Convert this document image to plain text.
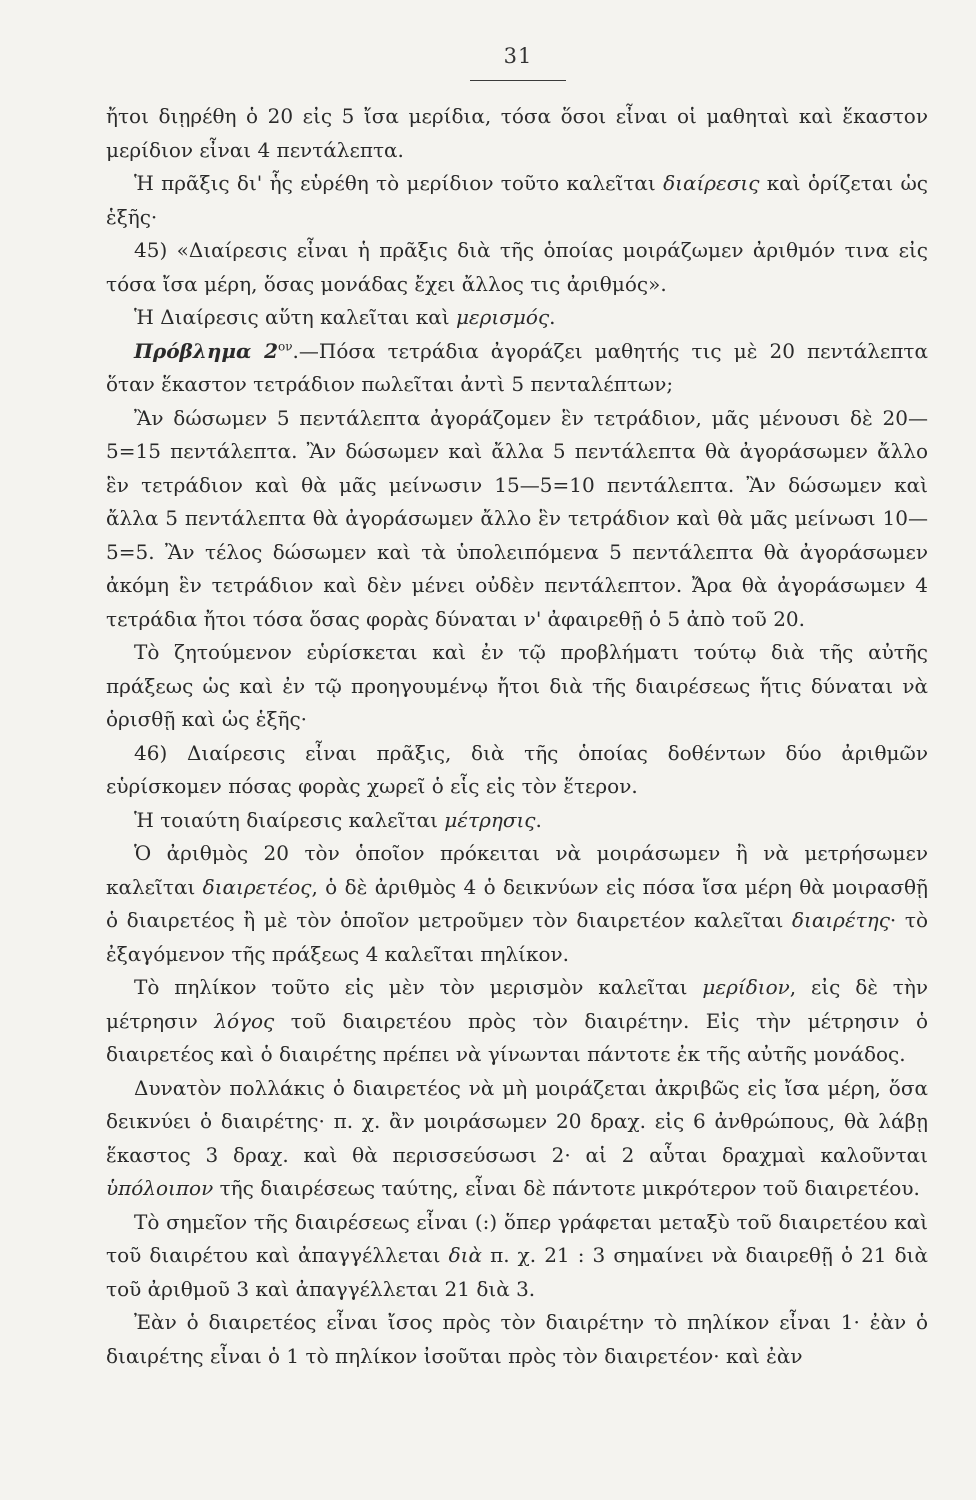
31

ἤτοι διῃρέθη ὁ 20 εἰς 5 ἴσα μερίδια, τόσα ὅσοι εἶναι οἱ μαθηταὶ καὶ ἕκαστον μερίδιον εἶναι 4 πεντάλεπτα.

Ἡ πρᾶξις δι' ἧς εὑρέθη τὸ μερίδιον τοῦτο καλεῖται διαίρεσις καὶ ὁρίζεται ὡς ἑξῆς·

45) «Διαίρεσις εἶναι ἡ πρᾶξις διὰ τῆς ὁποίας μοιράζωμεν ἀριθμόν τινα εἰς τόσα ἴσα μέρη, ὅσας μονάδας ἔχει ἄλλος τις ἀριθμός».

Ἡ Διαίρεσις αὕτη καλεῖται καὶ μερισμός.

Πρόβλημα $2^{o\nu}.—\Pi ό\sigma\alpha$ τετράδια ἀγοράζει μαθητής τις μὲ 20 πεντάλεπτα ὅταν ἕκαστον τετράδιον πωλεῖται ἀντὶ 5 πενταλέπτων;

Ἂν δώσωμεν 5 πεντάλεπτα ἀγοράζομεν ἓν τετράδιον, μᾶς μένουσι δὲ 20—5=15 πεντάλεπτα. Ἂν δώσωμεν καὶ ἄλλα 5 πεντάλεπτα θὰ ἀγοράσωμεν ἄλλο ἓν τετράδιον καὶ θὰ μᾶς μείνωσιν 15—5=10 πεντάλεπτα. Ἂν δώσωμεν καὶ ἄλλα 5 πεντάλεπτα θὰ ἀγοράσωμεν ἄλλο ἓν τετράδιον καὶ θὰ μᾶς μείνωσι 10—5=5. Ἂν τέλος δώσωμεν καὶ τὰ ὑπολειπόμενα 5 πεντάλεπτα θὰ ἀγοράσωμεν ἀκόμη ἓν τετράδιον καὶ δὲν μένει οὐδὲν πεντάλεπτον. Ἄρα θὰ ἀγοράσωμεν 4 τετράδια ἤτοι τόσα ὅσας φορὰς δύναται ν' ἀφαιρεθῇ ὁ 5 ἀπὸ τοῦ 20.

Τὸ ζητούμενον εὑρίσκεται καὶ ἐν τῷ προβλήματι τούτῳ διὰ τῆς αὐτῆς πράξεως ὡς καὶ ἐν τῷ προηγουμένῳ ἤτοι διὰ τῆς διαιρέσεως ἥτις δύναται νὰ ὁρισθῇ καὶ ὡς ἑξῆς·

46) Διαίρεσις εἶναι πρᾶξις, διὰ τῆς ὁποίας δοθέντων δύο ἀριθμῶν εὑρίσκομεν πόσας φορὰς χωρεῖ ὁ εἷς εἰς τὸν ἕτερον.

Ἡ τοιαύτη διαίρεσις καλεῖται μέτρησις.

Ὁ ἀριθμὸς 20 τὸν ὁποῖον πρόκειται νὰ μοιράσωμεν ἢ νὰ μετρήσωμεν καλεῖται διαιρετέος, ὁ δὲ ἀριθμὸς 4 ὁ δεικνύων εἰς πόσα ἴσα μέρη θὰ μοιρασθῇ ὁ διαιρετέος ἢ μὲ τὸν ὁποῖον μετροῦμεν τὸν διαιρετέον καλεῖται διαιρέτης· τὸ ἐξαγόμενον τῆς πράξεως 4 καλεῖται πηλίκον.

Τὸ πηλίκον τοῦτο εἰς μὲν τὸν μερισμὸν καλεῖται μερίδιον, εἰς δὲ τὴν μέτρησιν λόγος τοῦ διαιρετέου πρὸς τὸν διαιρέτην. Εἰς τὴν μέτρησιν ὁ διαιρετέος καὶ ὁ διαιρέτης πρέπει νὰ γίνωνται πάντοτε ἐκ τῆς αὐτῆς μονάδος.

Δυνατὸν πολλάκις ὁ διαιρετέος νὰ μὴ μοιράζεται ἀκριβῶς εἰς ἴσα μέρη, ὅσα δεικνύει ὁ διαιρέτης· π. χ. ἂν μοιράσωμεν 20 δραχ. εἰς 6 ἀνθρώπους, θὰ λάβῃ ἕκαστος 3 δραχ. καὶ θὰ περισσεύσωσι 2· αἱ 2 αὗται δραχμαὶ καλοῦνται ὑπόλοιπον τῆς διαιρέσεως ταύτης, εἶναι δὲ πάντοτε μικρότερον τοῦ διαιρετέου.

Τὸ σημεῖον τῆς διαιρέσεως εἶναι (:) ὅπερ γράφεται μεταξὺ τοῦ διαιρετέου καὶ τοῦ διαιρέτου καὶ ἀπαγγέλλεται διὰ π. χ. 21 : 3 σημαίνει νὰ διαιρεθῇ ὁ 21 διὰ τοῦ ἀριθμοῦ 3 καὶ ἀπαγγέλλεται 21 διὰ 3.

Ἐὰν ὁ διαιρετέος εἶναι ἴσος πρὸς τὸν διαιρέτην τὸ πηλίκον εἶναι 1· ἐὰν ὁ διαιρέτης εἶναι ὁ 1 τὸ πηλίκον ἰσοῦται πρὸς τὸν διαιρετέον· καὶ ἐὰν
